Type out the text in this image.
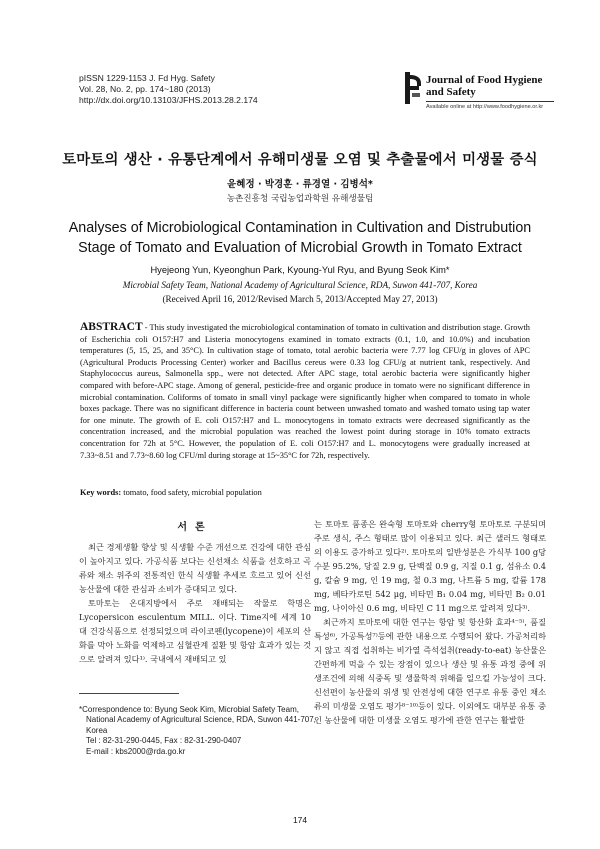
pISSN 1229-1153 J. Fd Hyg. Safety
Vol. 28, No. 2, pp. 174~180 (2013)
http://dx.doi.org/10.13103/JFHS.2013.28.2.174
Journal of Food Hygiene
and Safety
Available online at http://www.foodhygiene.or.kr
토마토의 생산 · 유통단계에서 유해미생물 오염 및 추출물에서 미생물 증식
윤혜정 · 박경훈 · 류경열 · 김병석*
농촌진흥청 국립농업과학원 유해생물팀
Analyses of Microbiological Contamination in Cultivation and Distrubution
Stage of Tomato and Evaluation of Microbial Growth in Tomato Extract
Hyejeong Yun, Kyeonghun Park, Kyoung-Yul Ryu, and Byung Seok Kim*
Microbial Safety Team, National Academy of Agricultural Science, RDA, Suwon 441-707, Korea
(Received April 16, 2012/Revised March 5, 2013/Accepted May 27, 2013)
ABSTRACT - This study investigated the microbiological contamination of tomato in cultivation and distribution stage. Growth of Escherichia coli O157:H7 and Listeria monocytogens examined in tomato extracts (0.1, 1.0, and 10.0%) and incubation temperatures (5, 15, 25, and 35°C). In cultivation stage of tomato, total aerobic bacteria were 7.77 log CFU/g in gloves of APC (Agricultural Products Processing Center) worker and Bacillus cereus were 0.33 log CFU/g at nutrient tank, respectively. And Staphylococcus aureus, Salmonella spp., were not detected. After APC stage, total aerobic bacteria were significantly higher compared with before-APC stage. Among of general, pesticide-free and organic produce in tomato were no significant difference in microbial contamination. Coliforms of tomato in small vinyl package were significantly higher when compared to tomato in whole boxes package. There was no significant difference in bacteria count between unwashed tomato and washed tomato using tap water for one minute. The growth of E. coli O157:H7 and L. monocytogens in tomato extracts were decreased significantly as the concentration increased, and the microbial population was reached the lowest point during storage in 10% tomato extracts concentration for 72h at 5°C. However, the population of E. coli O157:H7 and L. monocytogens were gradually increased at 7.33~8.51 and 7.73~8.60 log CFU/ml during storage at 15~35°C for 72h, respectively.
Key words: tomato, food safety, microbial population
서론

최근 경제생활 향상 및 식생활 수준 개선으로 건강에 대한 관심이 높아지고 있다. 가공식품 보다는 신선채소 식품을 선호하고 곡류와 채소 위주의 전통적인 한식 식생활 추세로 흐르고 있어 신선 농산물에 대한 관심과 소비가 증대되고 있다.

토마토는 온대지방에서 주로 재배되는 작물로 학명은 Lycopersicon esculentum MILL. 이다. Time지에 세계 10대 건강식품으로 선정되었으며 라이코펜(lycopene)이 세포의 산화를 막아 노화를 억제하고 심혈관계 질환 및 항암 효과가 있는 것으로 알려져 있다¹⁾. 국내에서 재배되고 있

는 토마토 품종은 완숙형 토마토와 cherry형 토마토로 구분되며 주로 생식, 주스 형태로 많이 이용되고 있다. 최근 샐러드 형태로의 이용도 증가하고 있다²⁾. 토마토의 일반성분은 가식부 100 g당 수분 95.2%, 당질 2.9 g, 단백질 0.9 g, 지질 0.1 g, 섬유소 0.4 g, 칼슘 9 mg, 인 19 mg, 철 0.3 mg, 나트륨 5 mg, 칼륨 178 mg, 베타카로틴 542 μg, 비타민 B₁ 0.04 mg, 비타민 B₂ 0.01 mg, 나이아신 0.6 mg, 비타민 C 11 mg으로 알려져 있다³⁾.

최근까지 토마토에 대한 연구는 항암 및 항산화 효과⁴⁻⁵⁾, 품질특성⁶⁾, 가공특성⁷⁾등에 관한 내용으로 수행되어 왔다. 가공처리하지 않고 직접 섭취하는 비가열 즉석섭취(ready-to-eat) 농산물은 간편하게 먹을 수 있는 장점이 있으나 생산 및 유통 과정 중에 위생조건에 의해 식중독 및 생물학적 위해를 일으킬 가능성이 크다. 신선편이 농산물의 위생 및 안전성에 대한 연구로 유통 중인 채소류의 미생물 오염도 평가⁸⁻¹⁰⁾등이 있다. 이외에도 대부분 유통 중인 농산물에 대한 미생물 오염도 평가에 관한 연구는 활발한

*Correspondence to: Byung Seok Kim, Microbial Safety Team,
National Academy of Agricultural Science, RDA, Suwon 441-707,
Korea
Tel : 82-31-290-0445, Fax : 82-31-290-0407
E-mail : kbs2000@rda.go.kr
174
